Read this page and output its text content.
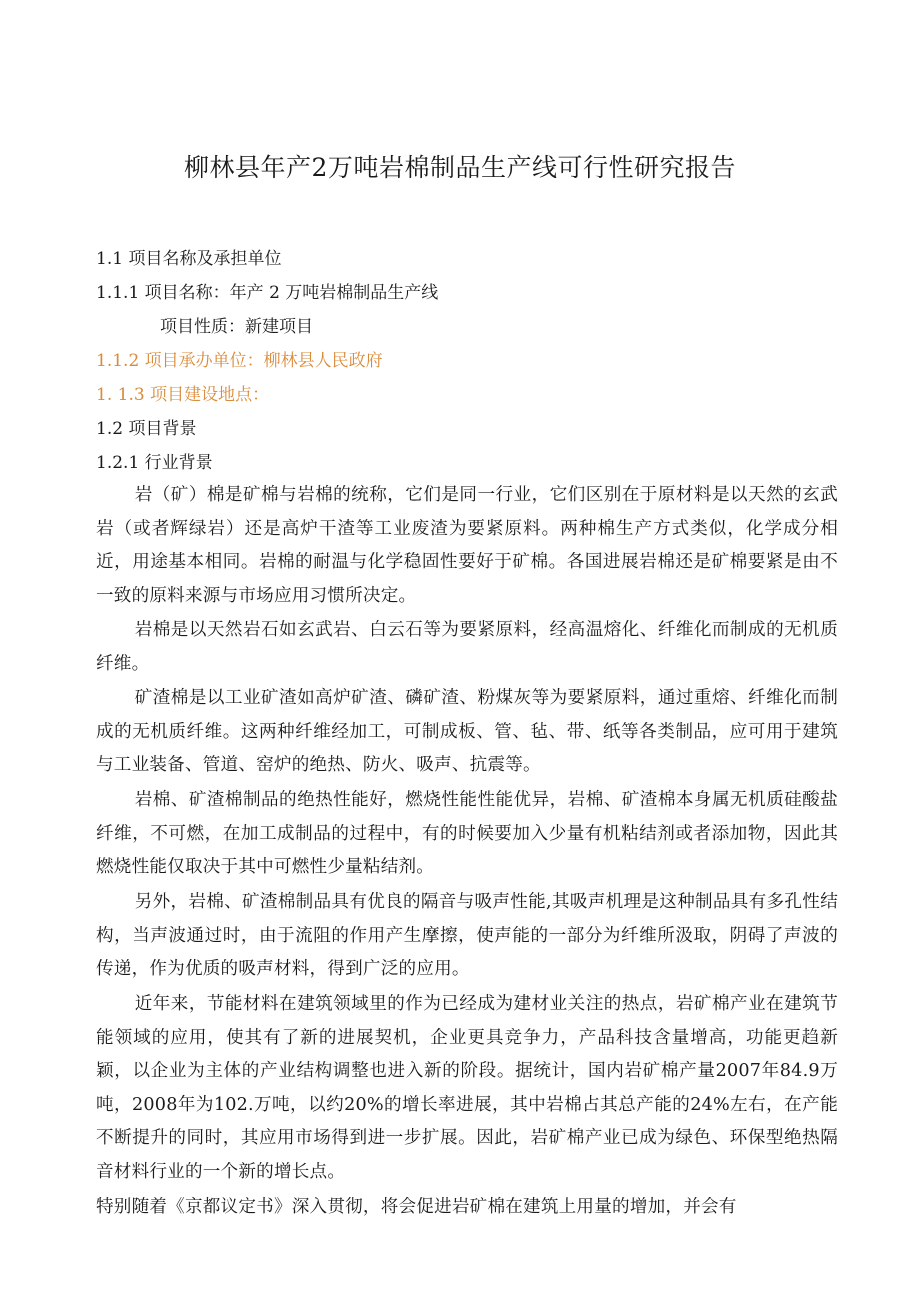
柳林县年产2万吨岩棉制品生产线可行性研究报告

1.1 项目名称及承担单位

1.1.1 项目名称：年产 2 万吨岩棉制品生产线

项目性质：新建项目

1.1.2 项目承办单位：柳林县人民政府

1. 1.3 项目建设地点：

1.2 项目背景

1.2.1 行业背景

岩（矿）棉是矿棉与岩棉的统称，它们是同一行业，它们区别在于原材料是以天然的玄武岩（或者辉绿岩）还是高炉干渣等工业废渣为要紧原料。两种棉生产方式类似，化学成分相近，用途基本相同。岩棉的耐温与化学稳固性要好于矿棉。各国进展岩棉还是矿棉要紧是由不一致的原料来源与市场应用习惯所决定。

岩棉是以天然岩石如玄武岩、白云石等为要紧原料，经高温熔化、纤维化而制成的无机质纤维。

矿渣棉是以工业矿渣如高炉矿渣、磷矿渣、粉煤灰等为要紧原料，通过重熔、纤维化而制成的无机质纤维。这两种纤维经加工，可制成板、管、毡、带、纸等各类制品，应可用于建筑与工业装备、管道、窑炉的绝热、防火、吸声、抗震等。

岩棉、矿渣棉制品的绝热性能好，燃烧性能性能优异，岩棉、矿渣棉本身属无机质硅酸盐纤维，不可燃，在加工成制品的过程中，有的时候要加入少量有机粘结剂或者添加物，因此其燃烧性能仅取决于其中可燃性少量粘结剂。

另外，岩棉、矿渣棉制品具有优良的隔音与吸声性能,其吸声机理是这种制品具有多孔性结构，当声波通过时，由于流阻的作用产生摩擦，使声能的一部分为纤维所汲取，阴碍了声波的传递，作为优质的吸声材料，得到广泛的应用。

近年来，节能材料在建筑领域里的作为已经成为建材业关注的热点，岩矿棉产业在建筑节能领域的应用，使其有了新的进展契机，企业更具竞争力，产品科技含量增高，功能更趋新颖，以企业为主体的产业结构调整也进入新的阶段。据统计，国内岩矿棉产量2007年84.9万吨，2008年为102.万吨，以约20%的增长率进展，其中岩棉占其总产能的24%左右，在产能不断提升的同时，其应用市场得到进一步扩展。因此，岩矿棉产业已成为绿色、环保型绝热隔音材料行业的一个新的增长点。

特别随着《京都议定书》深入贯彻，将会促进岩矿棉在建筑上用量的增加，并会有
